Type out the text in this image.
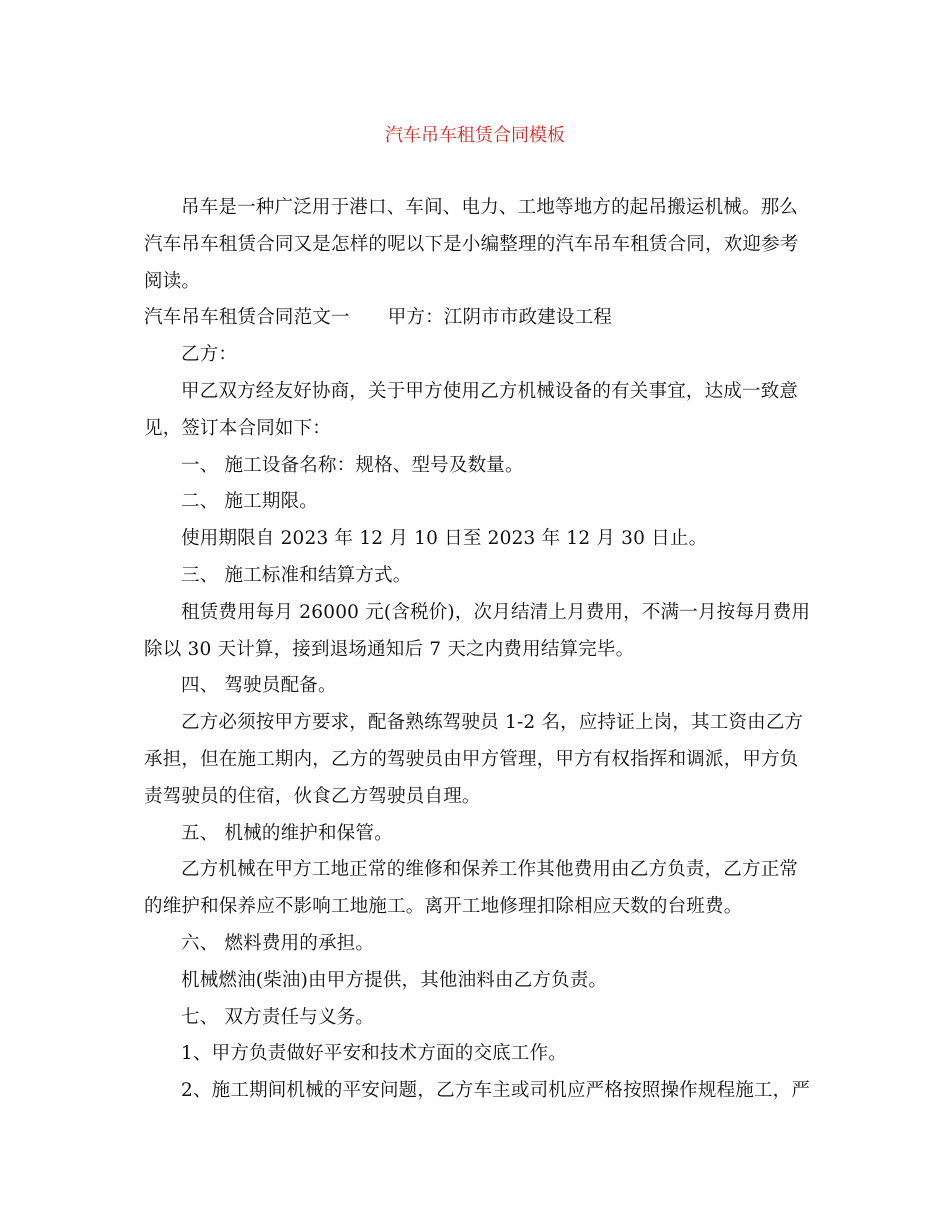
汽车吊车租赁合同模板

吊车是一种广泛用于港口、车间、电力、工地等地方的起吊搬运机械。那么

汽车吊车租赁合同又是怎样的呢以下是小编整理的汽车吊车租赁合同，欢迎参考

阅读。

汽车吊车租赁合同范文一 甲方：江阴市市政建设工程

乙方：

甲乙双方经友好协商，关于甲方使用乙方机械设备的有关事宜，达成一致意

见，签订本合同如下：

一、 施工设备名称：规格、型号及数量。

二、 施工期限。

使用期限自 2023 年 12 月 10 日至 2023 年 12 月 30 日止。

三、 施工标准和结算方式。

租赁费用每月 26000 元(含税价)，次月结清上月费用，不满一月按每月费用

除以 30 天计算，接到退场通知后 7 天之内费用结算完毕。

四、 驾驶员配备。

乙方必须按甲方要求，配备熟练驾驶员 1-2 名，应持证上岗，其工资由乙方

承担，但在施工期内，乙方的驾驶员由甲方管理，甲方有权指挥和调派，甲方负

责驾驶员的住宿，伙食乙方驾驶员自理。

五、 机械的维护和保管。

乙方机械在甲方工地正常的维修和保养工作其他费用由乙方负责，乙方正常

的维护和保养应不影响工地施工。离开工地修理扣除相应天数的台班费。

六、 燃料费用的承担。

机械燃油(柴油)由甲方提供，其他油料由乙方负责。

七、 双方责任与义务。

1、甲方负责做好平安和技术方面的交底工作。

2、施工期间机械的平安问题，乙方车主或司机应严格按照操作规程施工，严
